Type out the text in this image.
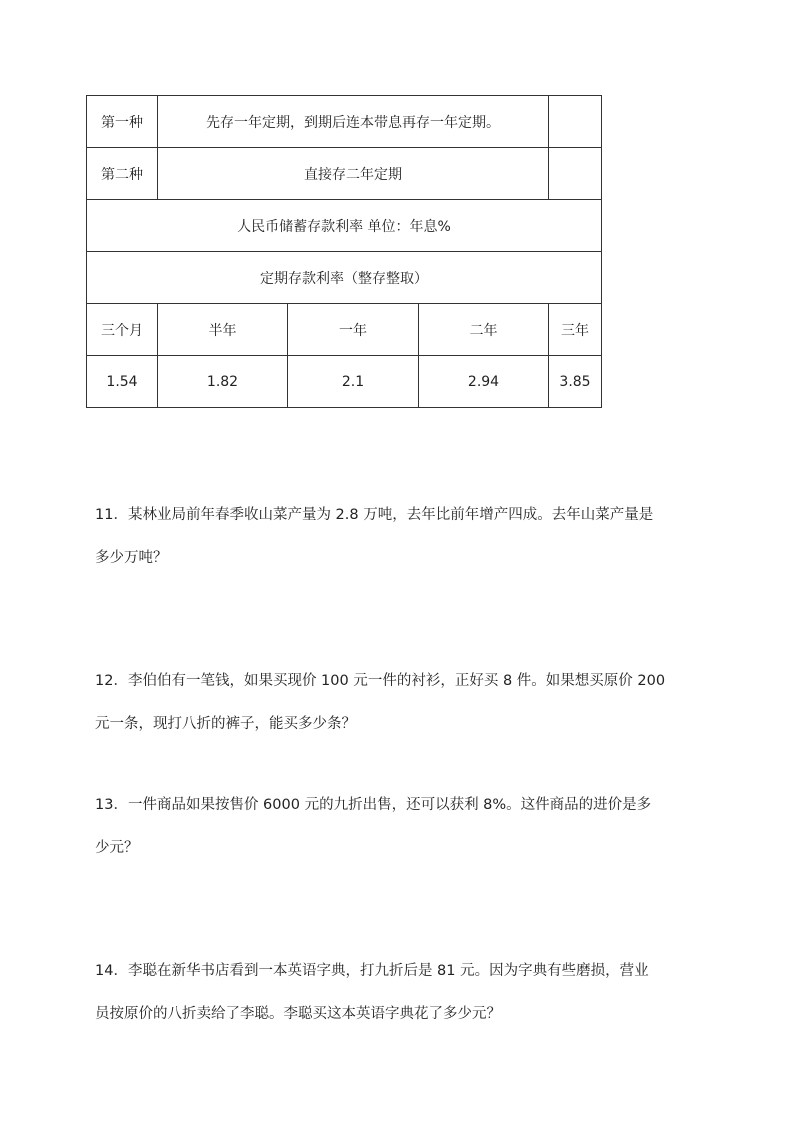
第一种	先存一年定期，到期后连本带息再存一年定期。			
第二种	直接存二年定期			
人民币储蓄存款利率 单位：年息%				
定期存款利率（整存整取）				
三个月	半年	一年	二年	三年
1.54	1.82	2.1	2.94	3.85

11．某林业局前年春季收山菜产量为 2.8 万吨，去年比前年增产四成。去年山菜产量是

多少万吨？

12．李伯伯有一笔钱，如果买现价 100 元一件的衬衫，正好买 8 件。如果想买原价 200

元一条，现打八折的裤子，能买多少条？

13．一件商品如果按售价 6000 元的九折出售，还可以获利 8%。这件商品的进价是多

少元？

14．李聪在新华书店看到一本英语字典，打九折后是 81 元。因为字典有些磨损，营业

员按原价的八折卖给了李聪。李聪买这本英语字典花了多少元？
